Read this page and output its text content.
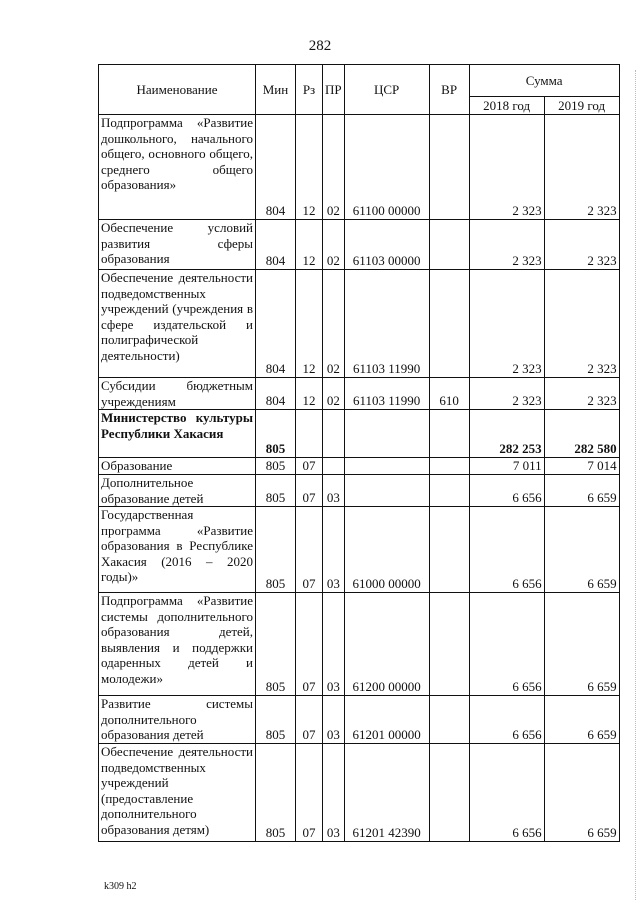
282
Наименование	Мин	Рз	ПР	ЦСР	ВР	Сумма	
						2018 год	2019 год
Подпрограмма «Развитие дошкольного, начального общего, основного общего, среднего общего образования»	804	12	02	61100 00000		2 323	2 323
Обеспечение условий развития сферы образования	804	12	02	61103 00000		2 323	2 323
Обеспечение деятельности подведомственных учреждений (учреждения в сфере издательской и полиграфической деятельности)	804	12	02	61103 11990		2 323	2 323
Субсидии бюджетным учреждениям	804	12	02	61103 11990	610	2 323	2 323
Министерство культуры Республики Хакасия	805					282 253	282 580
Образование	805	07				7 011	7 014
Дополнительное образование детей	805	07	03			6 656	6 659
Государственная программа «Развитие образования в Республике Хакасия (2016 – 2020 годы)»	805	07	03	61000 00000		6 656	6 659
Подпрограмма «Развитие системы дополнительного образования детей, выявления и поддержки одаренных детей и молодежи»	805	07	03	61200 00000		6 656	6 659
Развитие системы дополнительного образования детей	805	07	03	61201 00000		6 656	6 659
Обеспечение деятельности подведомственных учреждений (предоставление дополнительного образования детям)	805	07	03	61201 42390		6 656	6 659
k309 h2
